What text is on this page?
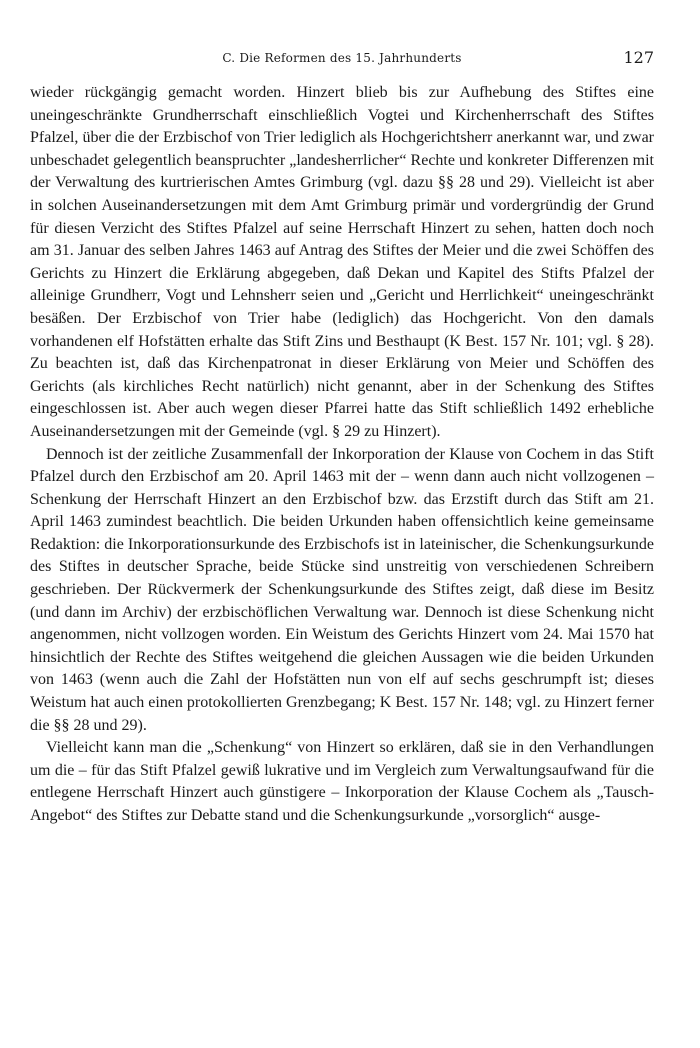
C. Die Reformen des 15. Jahrhunderts	127

wieder rückgängig gemacht worden. Hinzert blieb bis zur Aufhebung des Stiftes eine uneingeschränkte Grundherrschaft einschließlich Vogtei und Kirchenherrschaft des Stiftes Pfalzel, über die der Erzbischof von Trier lediglich als Hochgerichtsherr anerkannt war, und zwar unbeschadet gelegentlich beanspruchter „landesherrlicher“ Rechte und konkreter Differenzen mit der Verwaltung des kurtrierischen Amtes Grimburg (vgl. dazu §§ 28 und 29). Vielleicht ist aber in solchen Auseinandersetzungen mit dem Amt Grimburg primär und vordergründig der Grund für diesen Verzicht des Stiftes Pfalzel auf seine Herrschaft Hinzert zu sehen, hatten doch noch am 31. Januar des selben Jahres 1463 auf Antrag des Stiftes der Meier und die zwei Schöffen des Gerichts zu Hinzert die Erklärung abgegeben, daß Dekan und Kapitel des Stifts Pfalzel der alleinige Grundherr, Vogt und Lehnsherr seien und „Gericht und Herrlichkeit“ uneingeschränkt besäßen. Der Erzbischof von Trier habe (lediglich) das Hochgericht. Von den damals vorhandenen elf Hofstätten erhalte das Stift Zins und Besthaupt (K Best. 157 Nr. 101; vgl. § 28). Zu beachten ist, daß das Kirchenpatronat in dieser Erklärung von Meier und Schöffen des Gerichts (als kirchliches Recht natürlich) nicht genannt, aber in der Schenkung des Stiftes eingeschlossen ist. Aber auch wegen dieser Pfarrei hatte das Stift schließlich 1492 erhebliche Auseinandersetzungen mit der Gemeinde (vgl. § 29 zu Hinzert).

Dennoch ist der zeitliche Zusammenfall der Inkorporation der Klause von Cochem in das Stift Pfalzel durch den Erzbischof am 20. April 1463 mit der – wenn dann auch nicht vollzogenen – Schenkung der Herrschaft Hinzert an den Erzbischof bzw. das Erzstift durch das Stift am 21. April 1463 zumindest beachtlich. Die beiden Urkunden haben offensichtlich keine gemeinsame Redaktion: die Inkorporationsurkunde des Erzbischofs ist in lateinischer, die Schenkungsurkunde des Stiftes in deutscher Sprache, beide Stücke sind unstreitig von verschiedenen Schreibern geschrieben. Der Rückvermerk der Schenkungsurkunde des Stiftes zeigt, daß diese im Besitz (und dann im Archiv) der erzbischöflichen Verwaltung war. Dennoch ist diese Schenkung nicht angenommen, nicht vollzogen worden. Ein Weistum des Gerichts Hinzert vom 24. Mai 1570 hat hinsichtlich der Rechte des Stiftes weitgehend die gleichen Aussagen wie die beiden Urkunden von 1463 (wenn auch die Zahl der Hofstätten nun von elf auf sechs geschrumpft ist; dieses Weistum hat auch einen protokollierten Grenzbegang; K Best. 157 Nr. 148; vgl. zu Hinzert ferner die §§ 28 und 29).

Vielleicht kann man die „Schenkung“ von Hinzert so erklären, daß sie in den Verhandlungen um die – für das Stift Pfalzel gewiß lukrative und im Vergleich zum Verwaltungsaufwand für die entlegene Herrschaft Hinzert auch günstigere – Inkorporation der Klause Cochem als „Tausch-Angebot“ des Stiftes zur Debatte stand und die Schenkungsurkunde „vorsorglich“ ausge-
